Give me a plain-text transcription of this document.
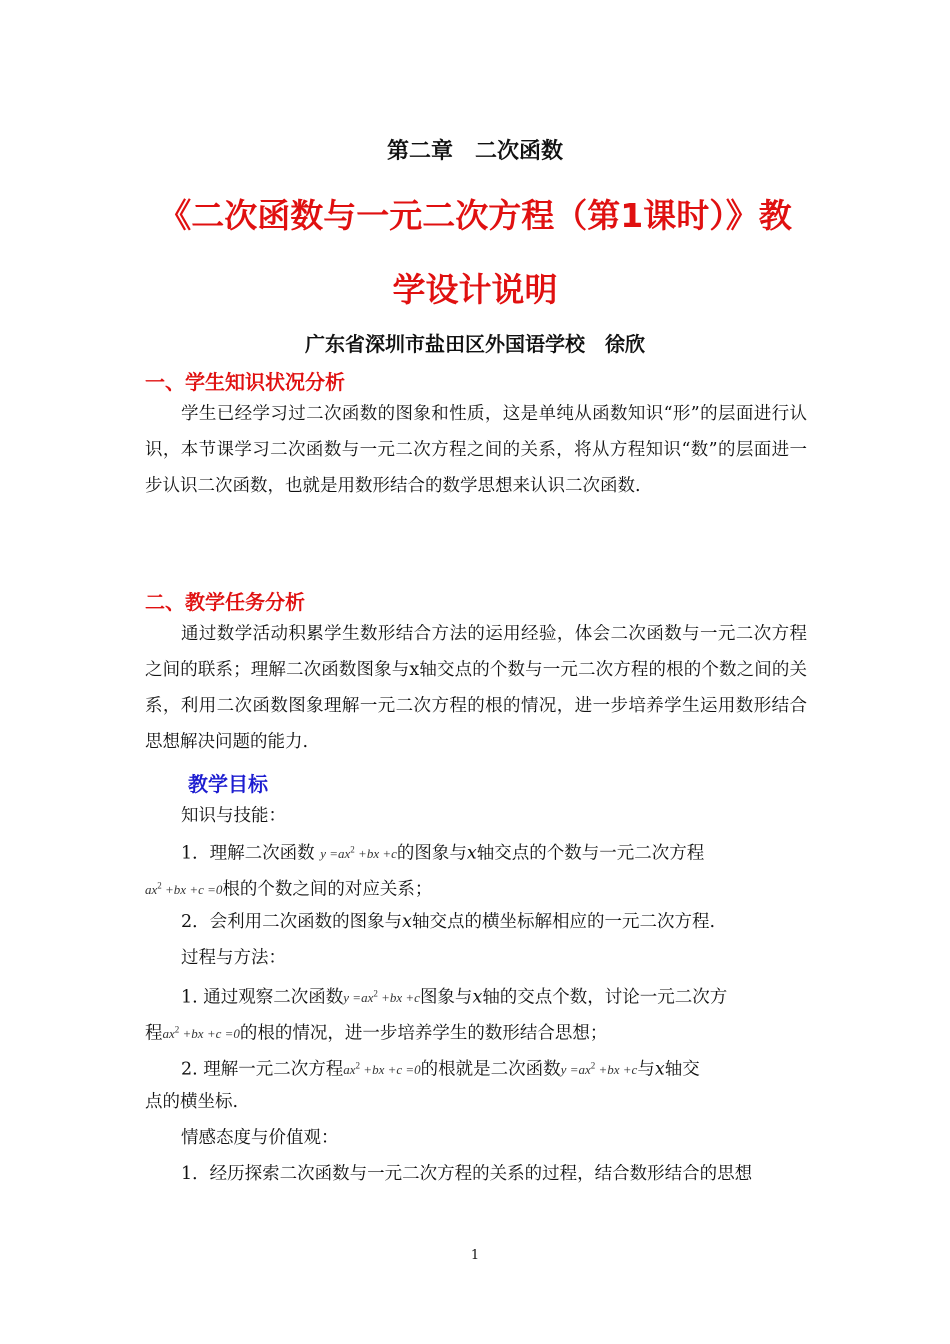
第二章　二次函数
《二次函数与一元二次方程（第1课时）》教
学设计说明
广东省深圳市盐田区外国语学校　徐欣
一、学生知识状况分析
学生已经学习过二次函数的图象和性质，这是单纯从函数知识“形”的层面进行认识，本节课学习二次函数与一元二次方程之间的关系，将从方程知识“数”的层面进一步认识二次函数，也就是用数形结合的数学思想来认识二次函数.
二、教学任务分析
通过数学活动积累学生数形结合方法的运用经验，体会二次函数与一元二次方程之间的联系；理解二次函数图象与x轴交点的个数与一元二次方程的根的个数之间的关系，利用二次函数图象理解一元二次方程的根的情况，进一步培养学生运用数形结合思想解决问题的能力.
教学目标
知识与技能：
1．理解二次函数 $y =ax^2 +bx +c$的图象与x轴交点的个数与一元二次方程
$ax^2 +bx +c =0$根的个数之间的对应关系；
2．会利用二次函数的图象与x轴交点的横坐标解相应的一元二次方程.
过程与方法：
1. 通过观察二次函数$y =ax^2 +bx +c$图象与x轴的交点个数，讨论一元二次方
程$ax^2 +bx +c =0$的根的情况，进一步培养学生的数形结合思想；
2. 理解一元二次方程$ax^2 +bx +c =0$的根就是二次函数$y =ax^2 +bx +c$与x轴交
点的横坐标.
情感态度与价值观：
1．经历探索二次函数与一元二次方程的关系的过程，结合数形结合的思想
1
